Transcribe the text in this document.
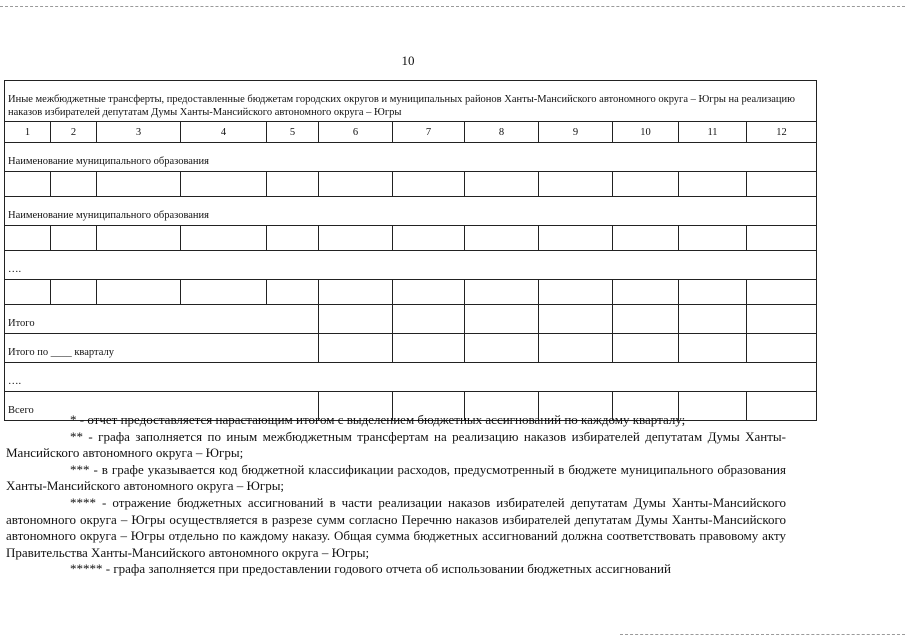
10
Иные межбюджетные трансферты, предоставленные бюджетам городских округов и муниципальных районов Ханты-Мансийского автономного округа – Югры на реализацию наказов избирателей депутатам Думы Ханты-Мансийского автономного округа – Югры											
1	2	3	4	5	6	7	8	9	10	11	12
Наименование муниципального образования											

Наименование муниципального образования											

….											

Итого											
Итого по ____ кварталу											
….											
Всего											

* - отчет предоставляется нарастающим итогом с выделением бюджетных ассигнований по каждому кварталу;

** - графа заполняется по иным межбюджетным трансфертам на реализацию наказов избирателей депутатам Думы Ханты-Мансийского автономного округа – Югры;

*** - в графе указывается код бюджетной классификации расходов, предусмотренный в бюджете муниципального образования Ханты-Мансийского автономного округа – Югры;

**** - отражение бюджетных ассигнований в части реализации наказов избирателей депутатам Думы Ханты-Мансийского автономного округа – Югры осуществляется в разрезе сумм согласно Перечню наказов избирателей депутатам Думы Ханты-Мансийского автономного округа – Югры отдельно по каждому наказу. Общая сумма бюджетных ассигнований должна соответствовать правовому акту Правительства Ханты-Мансийского автономного округа – Югры;

***** - графа заполняется при предоставлении годового отчета об использовании бюджетных ассигнований
